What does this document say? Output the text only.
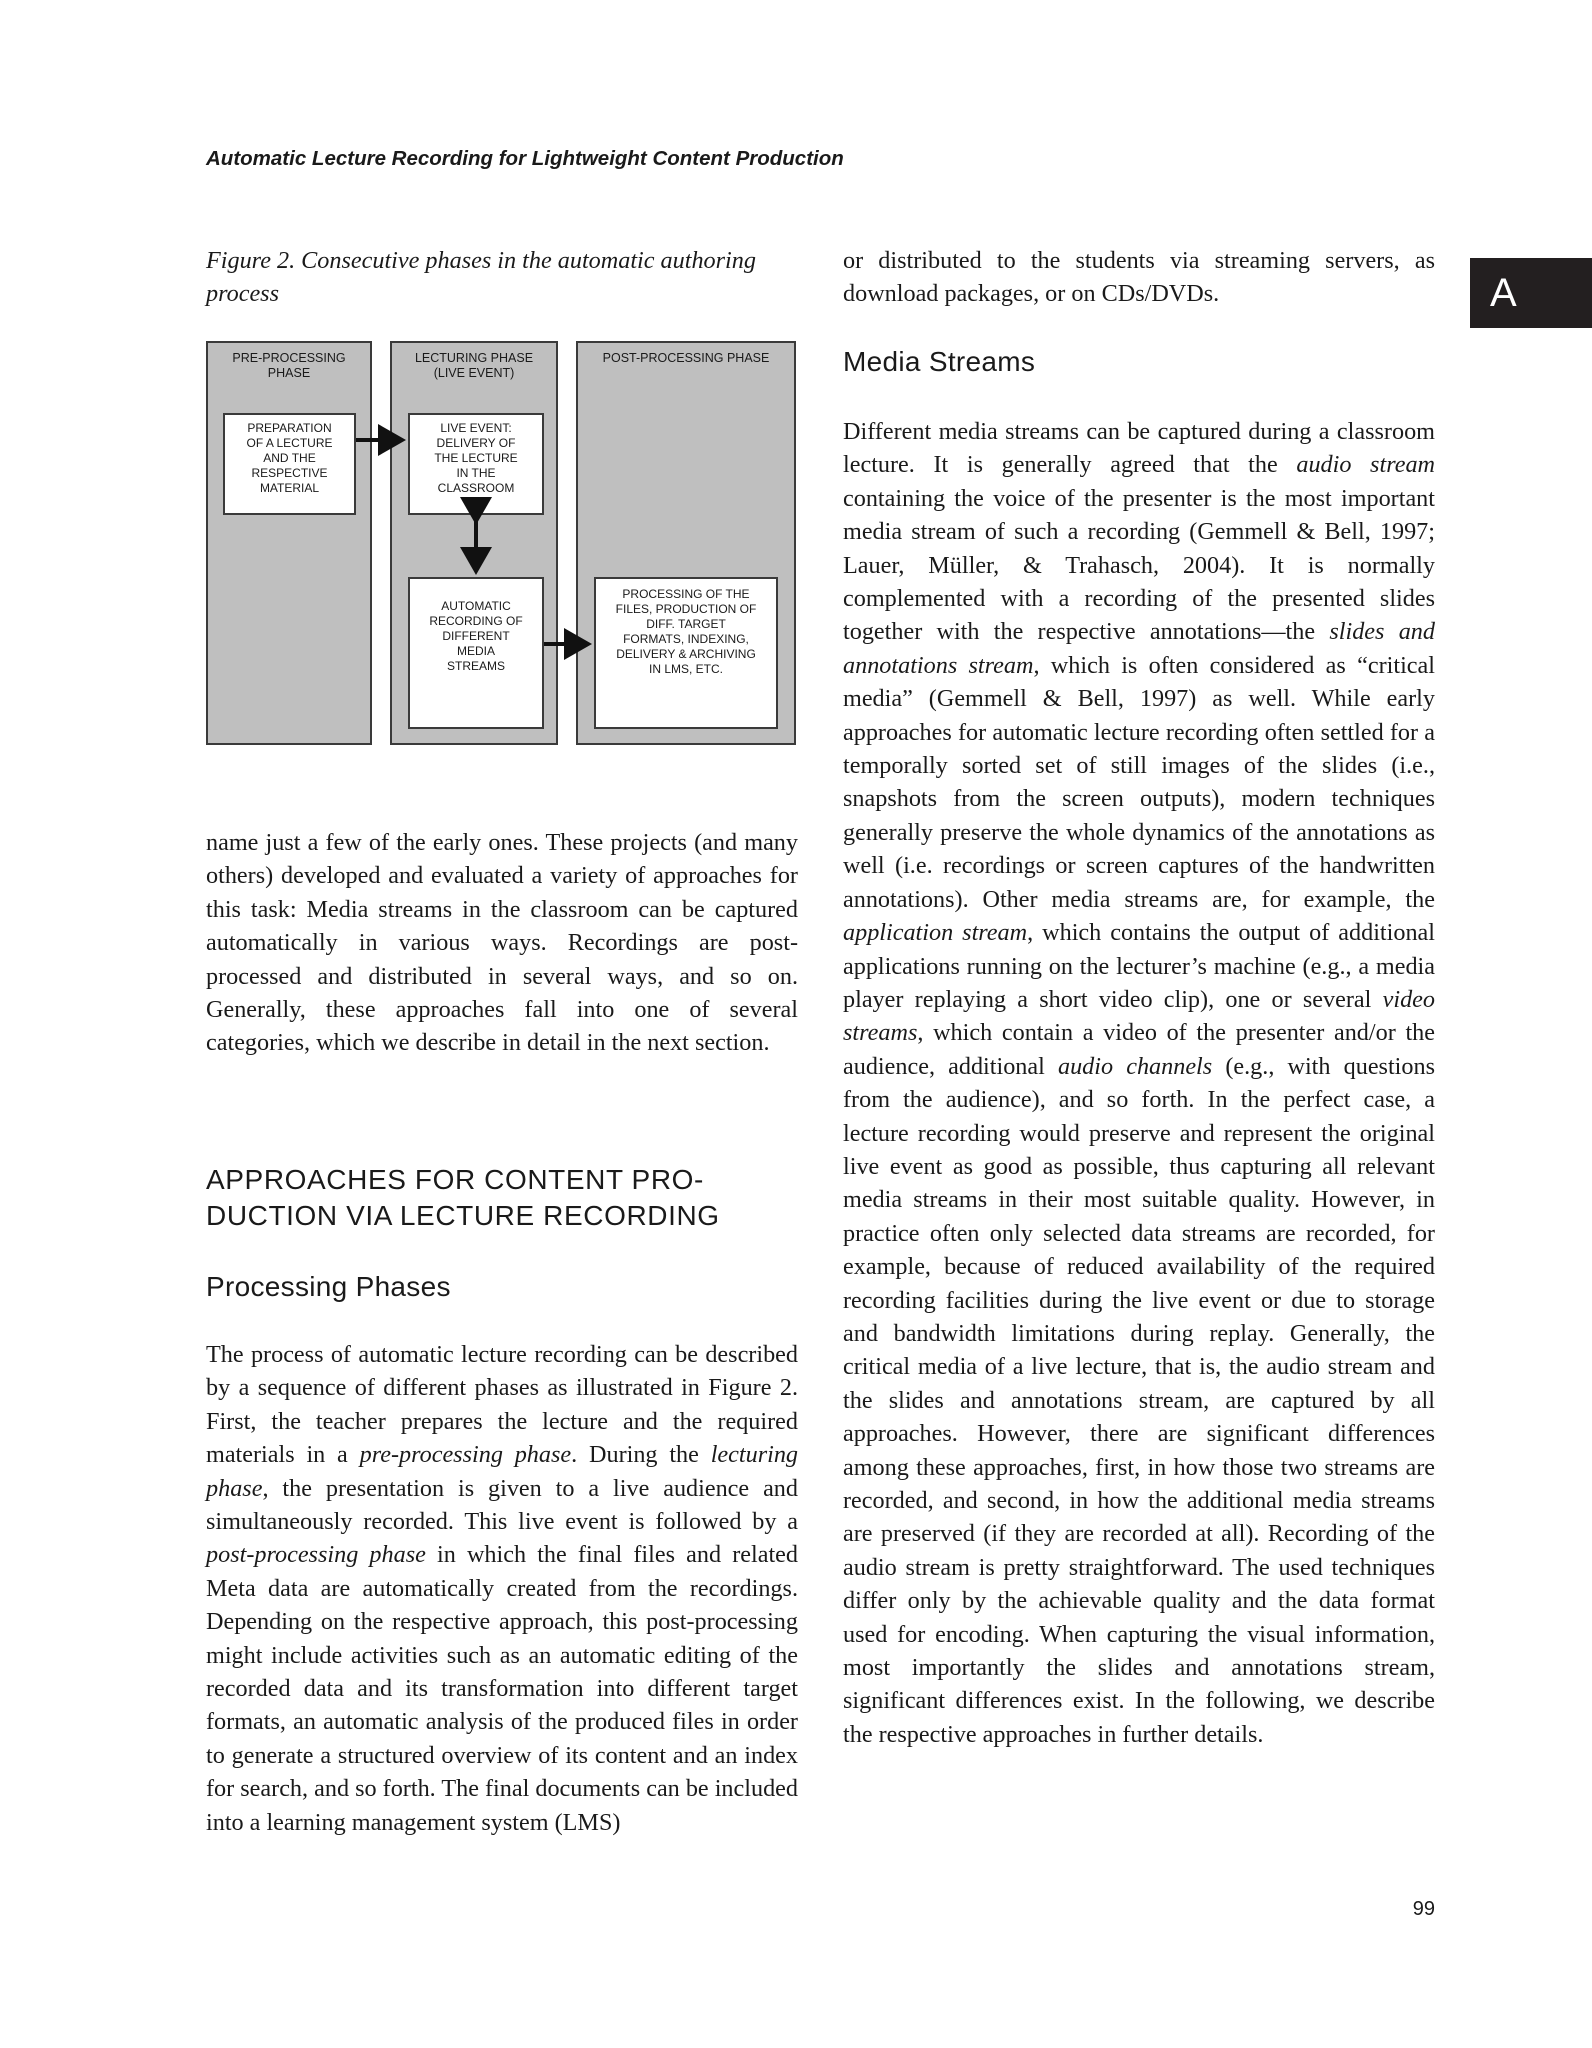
Automatic Lecture Recording for Lightweight Content Production
A

Figure 2. Consecutive phases in the automatic authoring process

PRE-PROCESSING
PHASE
LECTURING PHASE
(LIVE EVENT)
POST-PROCESSING PHASE
PREPARATION
OF A LECTURE
AND THE
RESPECTIVE
MATERIAL
LIVE EVENT:
DELIVERY OF
THE LECTURE
IN THE
CLASSROOM
AUTOMATIC
RECORDING OF
DIFFERENT
MEDIA
STREAMS
PROCESSING OF THE
FILES, PRODUCTION OF
DIFF. TARGET
FORMATS, INDEXING,
DELIVERY & ARCHIVING
IN LMS, ETC.

name just a few of the early ones. These projects (and many others) developed and evaluated a variety of approaches for this task: Media streams in the classroom can be captured automatically in various ways. Recordings are post-processed and distributed in several ways, and so on. Generally, these approaches fall into one of several categories, which we describe in detail in the next section.

APPROACHES FOR CONTENT PRO-
DUCTION VIA LECTURE RECORDING
Processing Phases

The process of automatic lecture recording can be described by a sequence of different phases as illustrated in Figure 2. First, the teacher prepares the lecture and the required materials in a pre-processing phase. During the lecturing phase, the presentation is given to a live audience and simultaneously recorded. This live event is followed by a post-processing phase in which the final files and related Meta data are automatically created from the recordings. Depending on the respective approach, this post-processing might include activities such as an automatic editing of the recorded data and its transformation into different target formats, an automatic analysis of the produced files in order to generate a structured overview of its content and an index for search, and so forth. The final documents can be included into a learning management system (LMS)

or distributed to the students via streaming servers, as download packages, or on CDs/DVDs.

Media Streams

Different media streams can be captured during a classroom lecture. It is generally agreed that the audio stream containing the voice of the presenter is the most important media stream of such a recording (Gemmell & Bell, 1997; Lauer, Müller, & Trahasch, 2004). It is normally complemented with a recording of the presented slides together with the respective annotations—the slides and annotations stream, which is often considered as “critical media” (Gemmell & Bell, 1997) as well. While early approaches for automatic lecture recording often settled for a temporally sorted set of still images of the slides (i.e., snapshots from the screen outputs), modern techniques generally preserve the whole dynamics of the annotations as well (i.e. recordings or screen captures of the handwritten annotations). Other media streams are, for example, the application stream, which contains the output of additional applications running on the lecturer’s machine (e.g., a media player replaying a short video clip), one or several video streams, which contain a video of the presenter and/or the audience, additional audio channels (e.g., with questions from the audience), and so forth. In the perfect case, a lecture recording would preserve and represent the original live event as good as possible, thus capturing all relevant media streams in their most suitable quality. However, in practice often only selected data streams are recorded, for example, because of reduced availability of the required recording facilities during the live event or due to storage and bandwidth limitations during replay. Generally, the critical media of a live lecture, that is, the audio stream and the slides and annotations stream, are captured by all approaches. However, there are significant differences among these approaches, first, in how those two streams are recorded, and second, in how the additional media streams are preserved (if they are recorded at all). Recording of the audio stream is pretty straightforward. The used techniques differ only by the achievable quality and the data format used for encoding. When capturing the visual information, most importantly the slides and annotations stream, significant differences exist. In the following, we describe the respective approaches in further details.

99
